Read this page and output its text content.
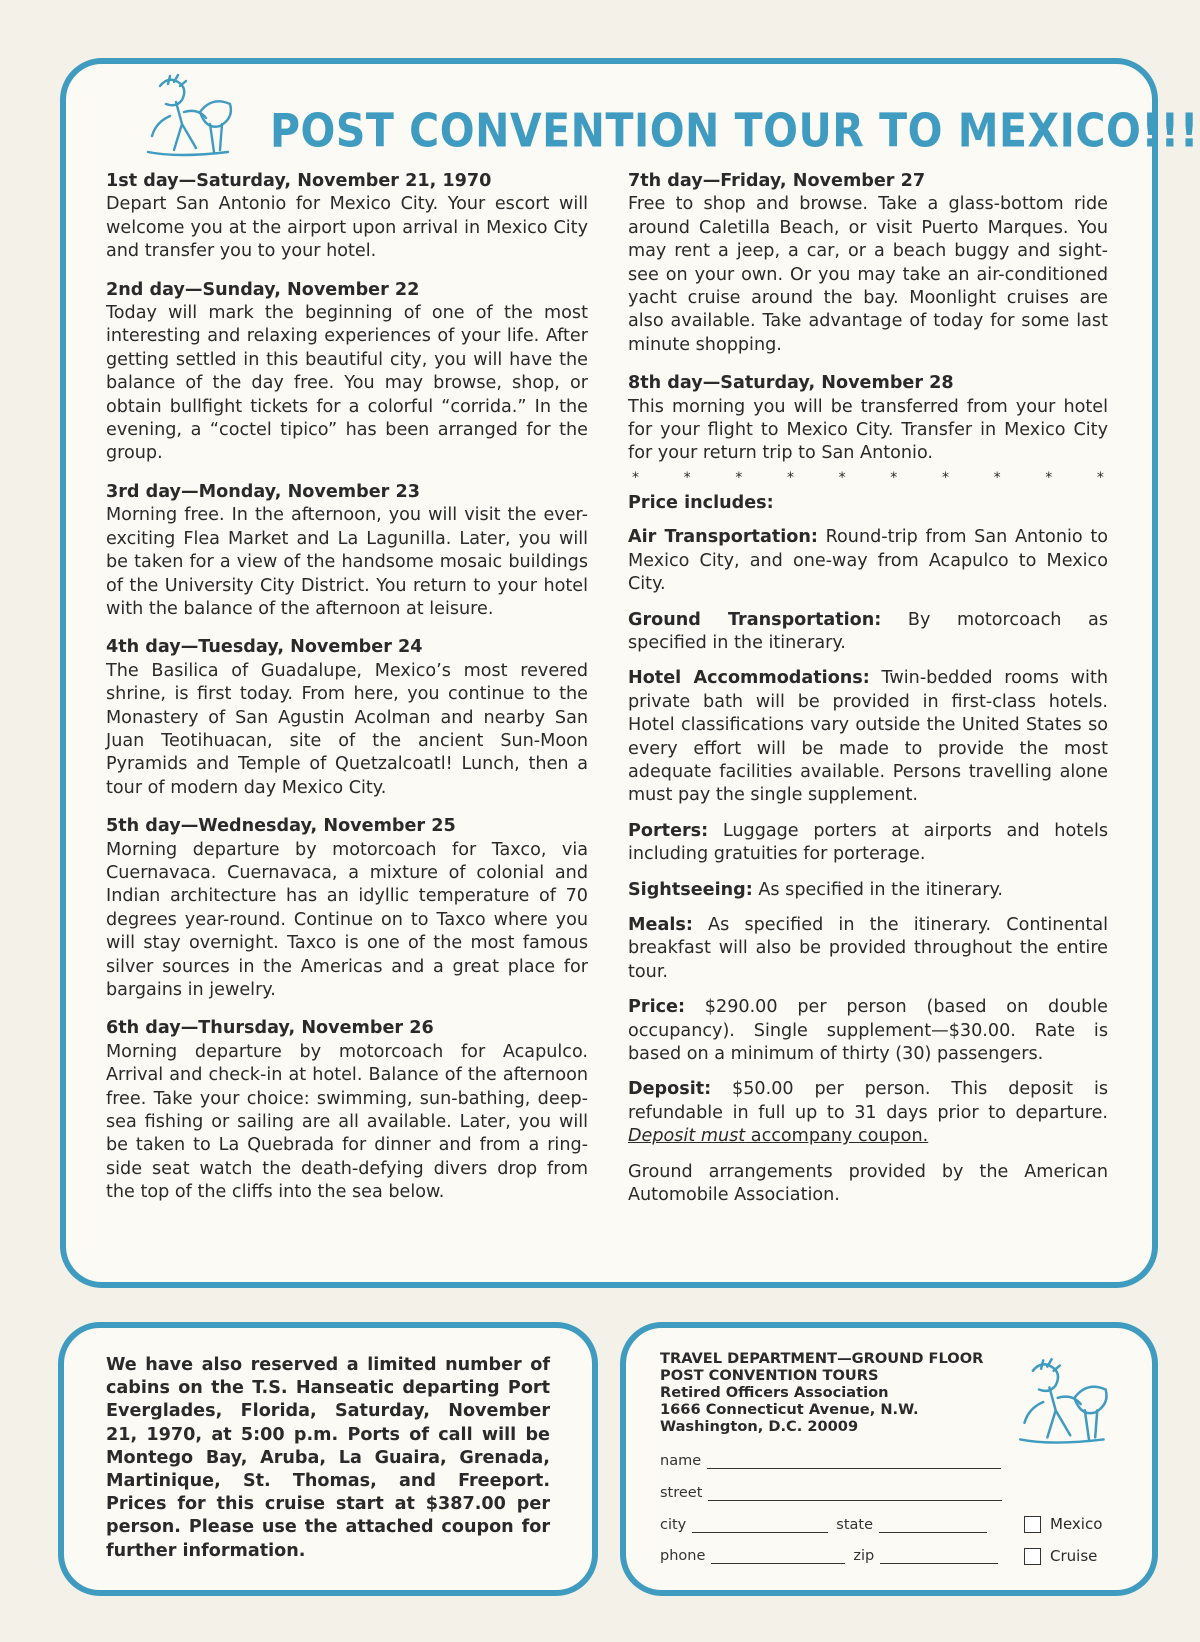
POST CONVENTION TOUR TO MEXICO!!!
1st day—Saturday, November 21, 1970
Depart San Antonio for Mexico City. Your escort will welcome you at the airport upon arrival in Mexico City and transfer you to your hotel.
2nd day—Sunday, November 22
Today will mark the beginning of one of the most interesting and relaxing experiences of your life. After getting settled in this beautiful city, you will have the balance of the day free. You may browse, shop, or obtain bullfight tickets for a colorful “corrida.” In the evening, a “coctel tipico” has been arranged for the group.
3rd day—Monday, November 23
Morning free. In the afternoon, you will visit the ever-exciting Flea Market and La Lagunilla. Later, you will be taken for a view of the handsome mosaic buildings of the University City District. You return to your hotel with the balance of the afternoon at leisure.
4th day—Tuesday, November 24
The Basilica of Guadalupe, Mexico’s most revered shrine, is first today. From here, you continue to the Monastery of San Agustin Acolman and nearby San Juan Teotihuacan, site of the ancient Sun-Moon Pyramids and Temple of Quetzalcoatl! Lunch, then a tour of modern day Mexico City.
5th day—Wednesday, November 25
Morning departure by motorcoach for Taxco, via Cuernavaca. Cuernavaca, a mixture of colonial and Indian architecture has an idyllic temperature of 70 degrees year-round. Continue on to Taxco where you will stay overnight. Taxco is one of the most famous silver sources in the Americas and a great place for bargains in jewelry.
6th day—Thursday, November 26
Morning departure by motorcoach for Acapulco. Arrival and check-in at hotel. Balance of the afternoon free. Take your choice: swimming, sun-bathing, deep-sea fishing or sailing are all available. Later, you will be taken to La Quebrada for dinner and from a ring-side seat watch the death-defying divers drop from the top of the cliffs into the sea below.
7th day—Friday, November 27
Free to shop and browse. Take a glass-bottom ride around Caletilla Beach, or visit Puerto Marques. You may rent a jeep, a car, or a beach buggy and sight-see on your own. Or you may take an air-conditioned yacht cruise around the bay. Moonlight cruises are also available. Take advantage of today for some last minute shopping.
8th day—Saturday, November 28
This morning you will be transferred from your hotel for your flight to Mexico City. Transfer in Mexico City for your return trip to San Antonio.
*	*	*	*	*	*	*	*	*	*
Price includes:
Air Transportation: Round-trip from San Antonio to Mexico City, and one-way from Acapulco to Mexico City.
Ground Transportation: By motorcoach as specified in the itinerary.
Hotel Accommodations: Twin-bedded rooms with private bath will be provided in first-class hotels. Hotel classifications vary outside the United States so every effort will be made to provide the most adequate facilities available. Persons travelling alone must pay the single supplement.
Porters: Luggage porters at airports and hotels including gratuities for porterage.
Sightseeing: As specified in the itinerary.
Meals: As specified in the itinerary. Continental breakfast will also be provided throughout the entire tour.
Price: $290.00 per person (based on double occupancy). Single supplement—$30.00. Rate is based on a minimum of thirty (30) passengers.
Deposit: $50.00 per person. This deposit is refundable in full up to 31 days prior to departure. Deposit must accompany coupon.
Ground arrangements provided by the American Automobile Association.
We have also reserved a limited number of cabins on the T.S. Hanseatic departing Port Everglades, Florida, Saturday, November 21, 1970, at 5:00 p.m. Ports of call will be Montego Bay, Aruba, La Guaira, Grenada, Martinique, St. Thomas, and Freeport. Prices for this cruise start at $387.00 per person. Please use the attached coupon for further information.
TRAVEL DEPARTMENT—GROUND FLOOR
POST CONVENTION TOURS
Retired Officers Association
1666 Connecticut Avenue, N.W.
Washington, D.C. 20009
name
street
city	state
phone	zip
Mexico
Cruise
